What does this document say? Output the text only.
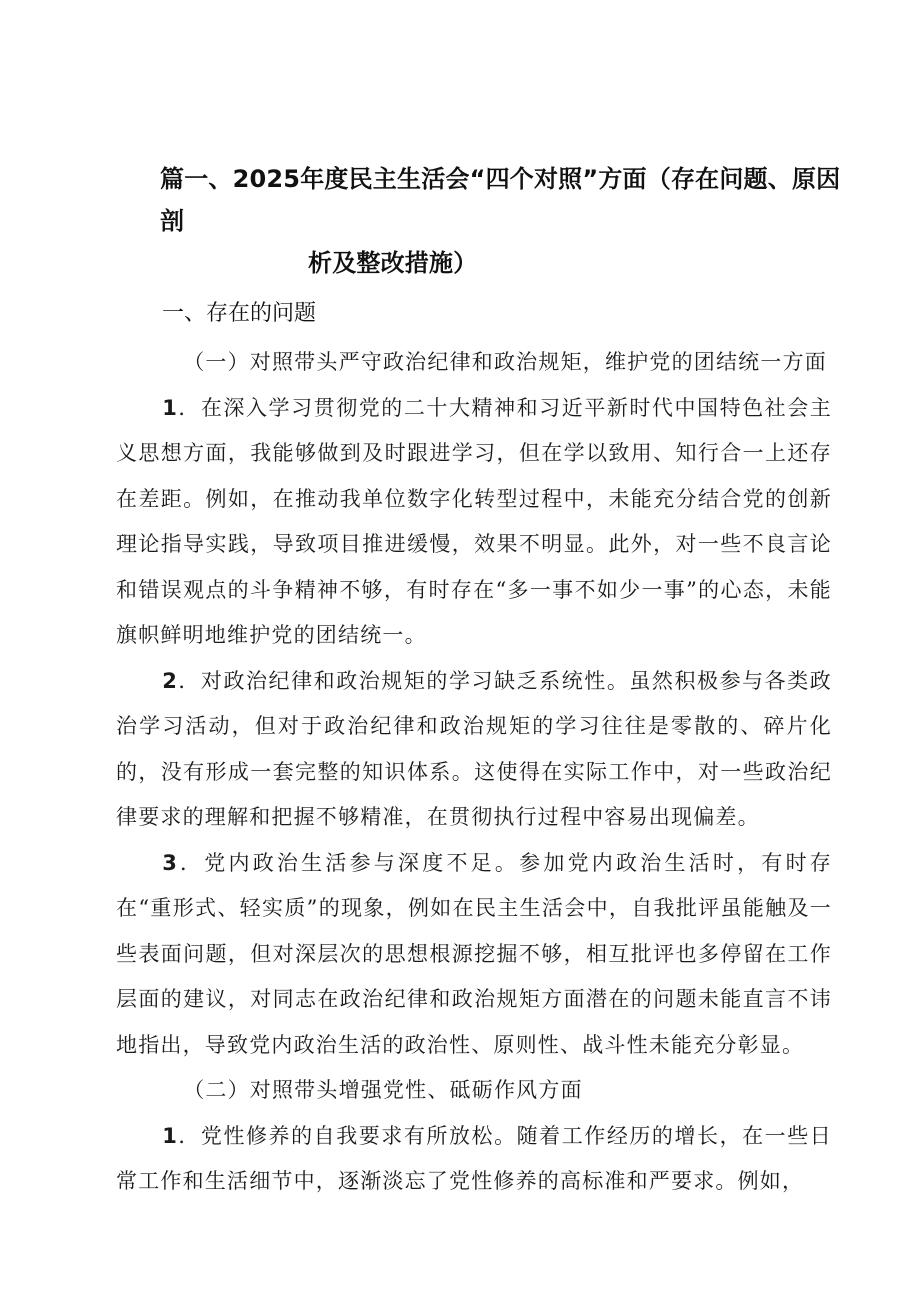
篇一、2025年度民主生活会“四个对照”方面（存在问题、原因剖
析及整改措施）
一、存在的问题

（一）对照带头严守政治纪律和政治规矩，维护党的团结统一方面

1．在深入学习贯彻党的二十大精神和习近平新时代中国特色社会主义思想方面，我能够做到及时跟进学习，但在学以致用、知行合一上还存在差距。例如，在推动我单位数字化转型过程中，未能充分结合党的创新理论指导实践，导致项目推进缓慢，效果不明显。此外，对一些不良言论和错误观点的斗争精神不够，有时存在“多一事不如少一事”的心态，未能旗帜鲜明地维护党的团结统一。

2．对政治纪律和政治规矩的学习缺乏系统性。虽然积极参与各类政治学习活动，但对于政治纪律和政治规矩的学习往往是零散的、碎片化的，没有形成一套完整的知识体系。这使得在实际工作中，对一些政治纪律要求的理解和把握不够精准，在贯彻执行过程中容易出现偏差。

3．党内政治生活参与深度不足。参加党内政治生活时，有时存在“重形式、轻实质”的现象，例如在民主生活会中，自我批评虽能触及一些表面问题，但对深层次的思想根源挖掘不够，相互批评也多停留在工作层面的建议，对同志在政治纪律和政治规矩方面潜在的问题未能直言不讳地指出，导致党内政治生活的政治性、原则性、战斗性未能充分彰显。

（二）对照带头增强党性、砥砺作风方面

1．党性修养的自我要求有所放松。随着工作经历的增长，在一些日常工作和生活细节中，逐渐淡忘了党性修养的高标准和严要求。例如，
